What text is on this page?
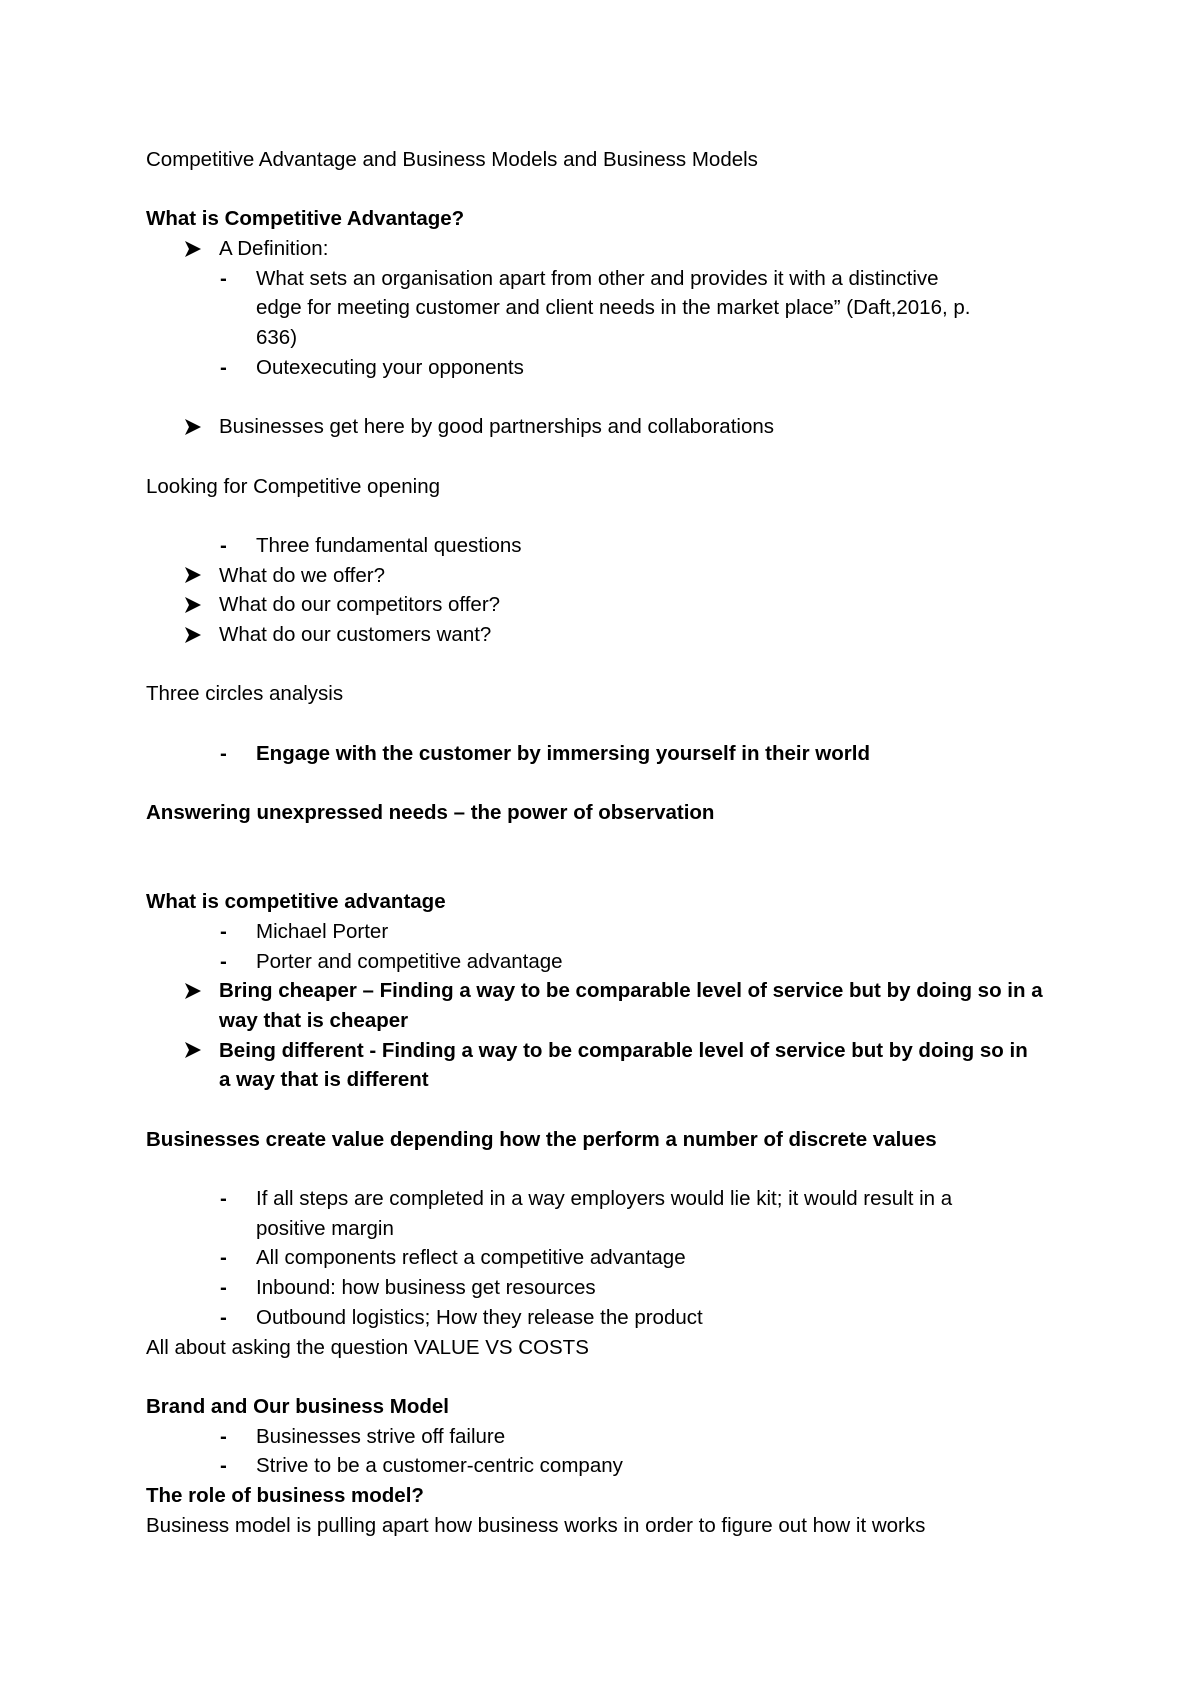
Competitive Advantage and Business Models and Business Models
What is Competitive Advantage?
A Definition:
- What sets an organisation apart from other and provides it with a distinctive
edge for meeting customer and client needs in the market place” (Daft,2016, p.
636)
- Outexecuting your opponents
Businesses get here by good partnerships and collaborations
Looking for Competitive opening
- Three fundamental questions
What do we offer?
What do our competitors offer?
What do our customers want?
Three circles analysis
- Engage with the customer by immersing yourself in their world
Answering unexpressed needs – the power of observation
What is competitive advantage
- Michael Porter
- Porter and competitive advantage
Bring cheaper – Finding a way to be comparable level of service but by doing so in a
way that is cheaper
Being different - Finding a way to be comparable level of service but by doing so in
a way that is different
Businesses create value depending how the perform a number of discrete values
- If all steps are completed in a way employers would lie kit; it would result in a
positive margin
- All components reflect a competitive advantage
- Inbound: how business get resources
- Outbound logistics; How they release the product
All about asking the question VALUE VS COSTS
Brand and Our business Model
- Businesses strive off failure
- Strive to be a customer-centric company
The role of business model?
Business model is pulling apart how business works in order to figure out how it works
